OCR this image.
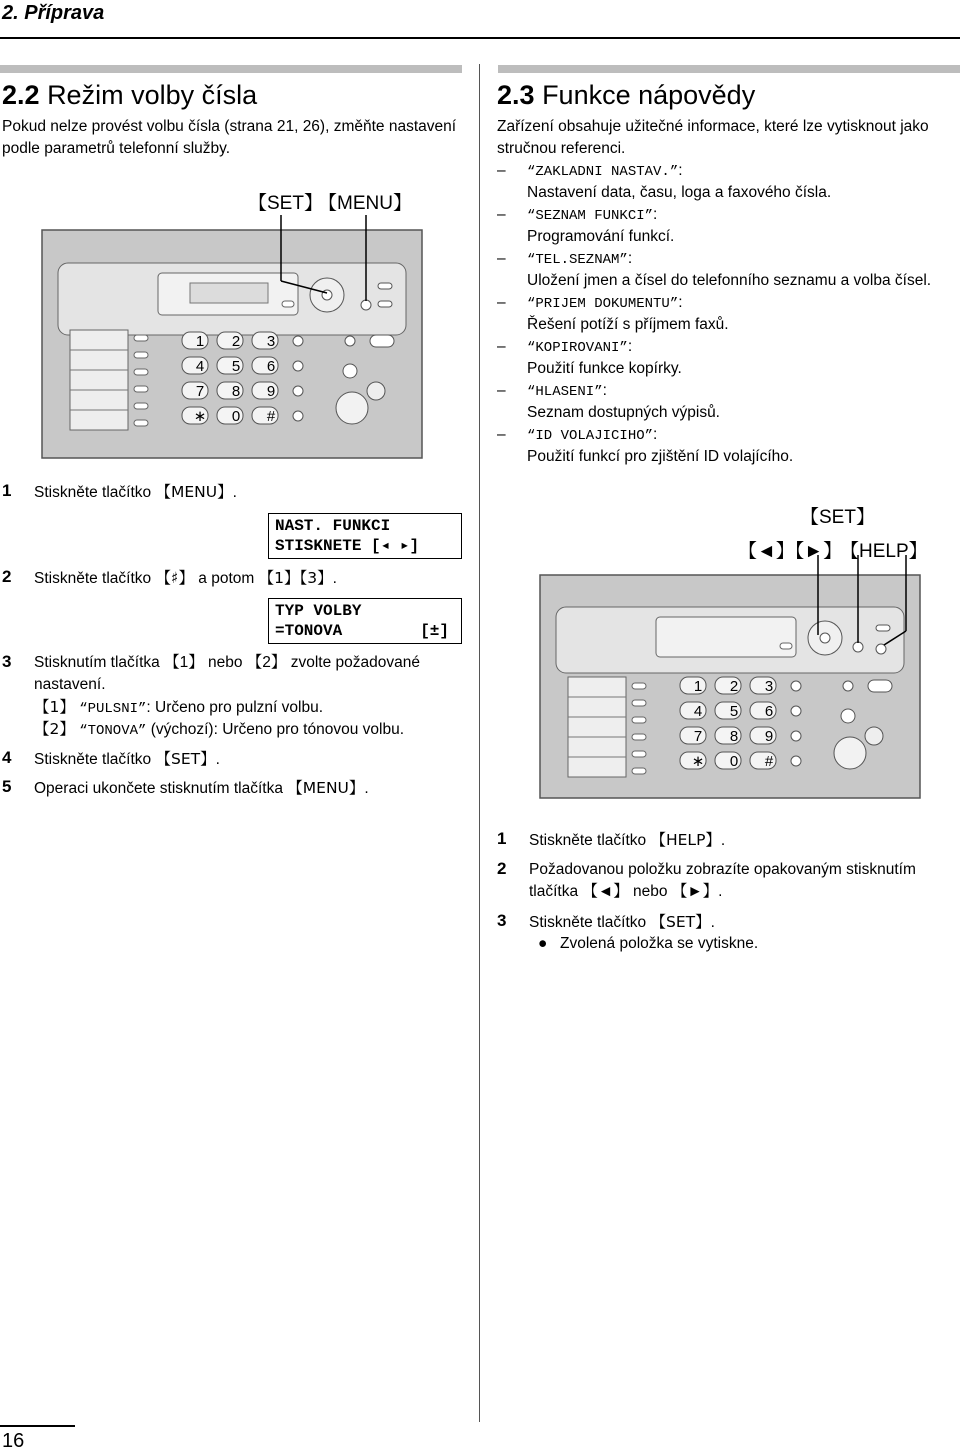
2. Příprava
2.2 Režim volby čísla
Pokud nelze provést volbu čísla (strana 21, 26), změňte nastavení
podle parametrů telefonní služby.
【SET】
【MENU】
1 2 3
4 5 6
7 8 9
∗ 0 #
NAST. FUNKCI
STISKNETE [◂ ▸]
TYP VOLBY
=TONOVA	[±]
1 Stiskněte tlačítko 【MENU】.
2 Stiskněte tlačítko 【♯】 a potom 【1】【3】.
3 Stisknutím tlačítka 【1】 nebo 【2】 zvolte požadované
nastavení.
【1】 “PULSNI”: Určeno pro pulzní volbu.
【2】 “TONOVA” (výchozí): Určeno pro tónovou volbu.
4 Stiskněte tlačítko 【SET】.
5 Operaci ukončete stisknutím tlačítka 【MENU】.
2.3 Funkce nápovědy
Zařízení obsahuje užitečné informace, které lze vytisknout jako
stručnou referenci.
– “ZAKLADNI NASTAV.”:
Nastavení data, času, loga a faxového čísla.
– “SEZNAM FUNKCI”:
Programování funkcí.
– “TEL.SEZNAM”:
Uložení jmen a čísel do telefonního seznamu a volba čísel.
– “PRIJEM DOKUMENTU”:
Řešení potíží s příjmem faxů.
– “KOPIROVANI”:
Použití funkce kopírky.
– “HLASENI”:
Seznam dostupných výpisů.
– “ID VOLAJICIHO”:
Použití funkcí pro zjištění ID volajícího.
【SET】
【◄】【►】
【HELP】
1 2 3
4 5 6
7 8 9
∗ 0 #
1 Stiskněte tlačítko 【HELP】.
2 Požadovanou položku zobrazíte opakovaným stisknutím
tlačítka 【◄】 nebo 【►】.
3 Stiskněte tlačítko 【SET】.
● Zvolená položka se vytiskne.
16
